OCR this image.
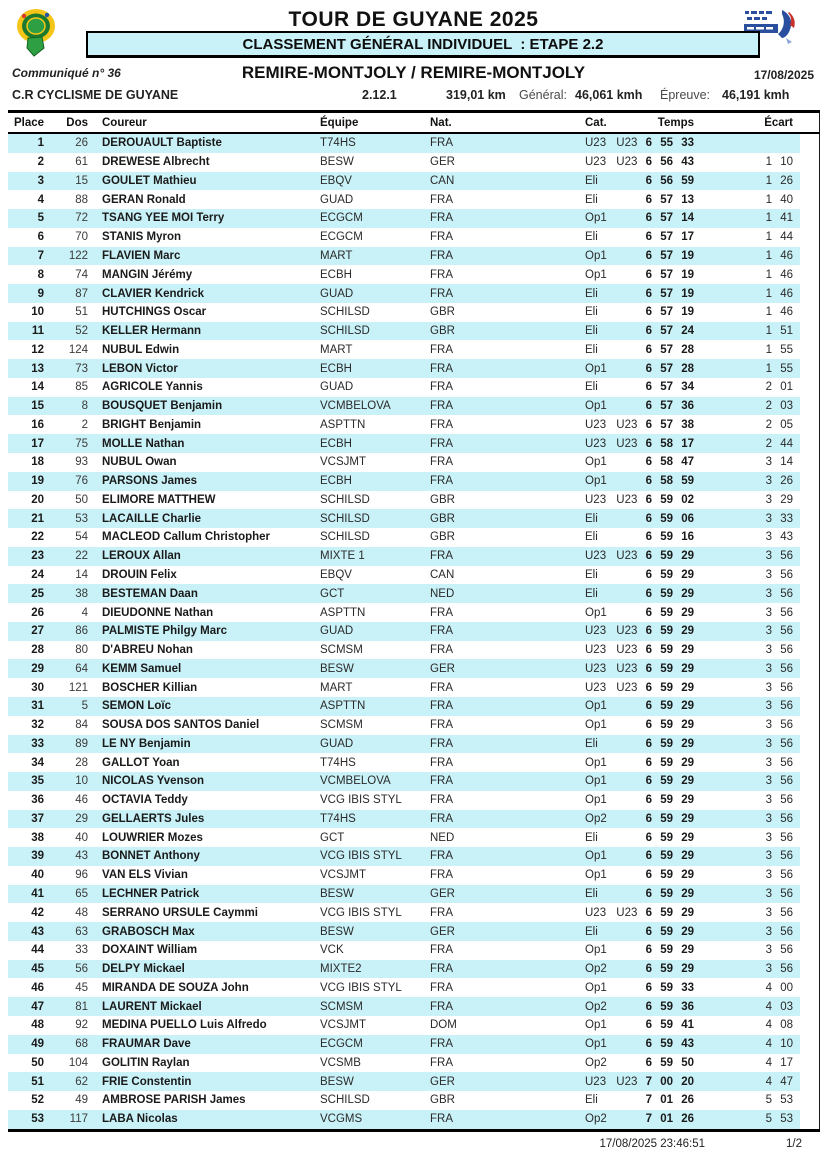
TOUR DE GUYANE 2025
CLASSEMENT GÉNÉRAL INDIVIDUEL  : ETAPE 2.2
Communiqué n° 36	REMIRE-MONTJOLY / REMIRE-MONTJOLY	17/08/2025
C.R CYCLISME DE GUYANE	2.12.1	319,01 km Général: 46,061 kmh Épreuve: 46,191 kmh
Place	Dos	Coureur	Équipe	Nat.	Cat.	Temps	Écart	
1	26	DEROUAULT Baptiste	T74HS	FRA	U23 U23	6 55 33		
2	61	DREWESE Albrecht	BESW	GER	U23 U23	6 56 43	1 10	
3	15	GOULET Mathieu	EBQV	CAN	Eli	6 56 59	1 26	
4	88	GERAN Ronald	GUAD	FRA	Eli	6 57 13	1 40	
5	72	TSANG YEE MOI Terry	ECGCM	FRA	Op1	6 57 14	1 41	
6	70	STANIS Myron	ECGCM	FRA	Eli	6 57 17	1 44	
7	122	FLAVIEN Marc	MART	FRA	Op1	6 57 19	1 46	
8	74	MANGIN Jérémy	ECBH	FRA	Op1	6 57 19	1 46	
9	87	CLAVIER Kendrick	GUAD	FRA	Eli	6 57 19	1 46	
10	51	HUTCHINGS Oscar	SCHILSD	GBR	Eli	6 57 19	1 46	
11	52	KELLER Hermann	SCHILSD	GBR	Eli	6 57 24	1 51	
12	124	NUBUL Edwin	MART	FRA	Eli	6 57 28	1 55	
13	73	LEBON Victor	ECBH	FRA	Op1	6 57 28	1 55	
14	85	AGRICOLE Yannis	GUAD	FRA	Eli	6 57 34	2 01	
15	8	BOUSQUET Benjamin	VCMBELOVA	FRA	Op1	6 57 36	2 03	
16	2	BRIGHT Benjamin	ASPTTN	FRA	U23 U23	6 57 38	2 05	
17	75	MOLLE Nathan	ECBH	FRA	U23 U23	6 58 17	2 44	
18	93	NUBUL Owan	VCSJMT	FRA	Op1	6 58 47	3 14	
19	76	PARSONS James	ECBH	FRA	Op1	6 58 59	3 26	
20	50	ELIMORE MATTHEW	SCHILSD	GBR	U23 U23	6 59 02	3 29	
21	53	LACAILLE Charlie	SCHILSD	GBR	Eli	6 59 06	3 33	
22	54	MACLEOD Callum Christopher	SCHILSD	GBR	Eli	6 59 16	3 43	
23	22	LEROUX Allan	MIXTE 1	FRA	U23 U23	6 59 29	3 56	
24	14	DROUIN Felix	EBQV	CAN	Eli	6 59 29	3 56	
25	38	BESTEMAN Daan	GCT	NED	Eli	6 59 29	3 56	
26	4	DIEUDONNE Nathan	ASPTTN	FRA	Op1	6 59 29	3 56	
27	86	PALMISTE Philgy Marc	GUAD	FRA	U23 U23	6 59 29	3 56	
28	80	D'ABREU Nohan	SCMSM	FRA	U23 U23	6 59 29	3 56	
29	64	KEMM Samuel	BESW	GER	U23 U23	6 59 29	3 56	
30	121	BOSCHER Killian	MART	FRA	U23 U23	6 59 29	3 56	
31	5	SEMON Loïc	ASPTTN	FRA	Op1	6 59 29	3 56	
32	84	SOUSA DOS SANTOS Daniel	SCMSM	FRA	Op1	6 59 29	3 56	
33	89	LE NY Benjamin	GUAD	FRA	Eli	6 59 29	3 56	
34	28	GALLOT Yoan	T74HS	FRA	Op1	6 59 29	3 56	
35	10	NICOLAS Yvenson	VCMBELOVA	FRA	Op1	6 59 29	3 56	
36	46	OCTAVIA Teddy	VCG IBIS STYL	FRA	Op1	6 59 29	3 56	
37	29	GELLAERTS Jules	T74HS	FRA	Op2	6 59 29	3 56	
38	40	LOUWRIER Mozes	GCT	NED	Eli	6 59 29	3 56	
39	43	BONNET Anthony	VCG IBIS STYL	FRA	Op1	6 59 29	3 56	
40	96	VAN ELS Vivian	VCSJMT	FRA	Op1	6 59 29	3 56	
41	65	LECHNER Patrick	BESW	GER	Eli	6 59 29	3 56	
42	48	SERRANO URSULE Caymmi	VCG IBIS STYL	FRA	U23 U23	6 59 29	3 56	
43	63	GRABOSCH Max	BESW	GER	Eli	6 59 29	3 56	
44	33	DOXAINT William	VCK	FRA	Op1	6 59 29	3 56	
45	56	DELPY Mickael	MIXTE2	FRA	Op2	6 59 29	3 56	
46	45	MIRANDA DE SOUZA John	VCG IBIS STYL	FRA	Op1	6 59 33	4 00	
47	81	LAURENT Mickael	SCMSM	FRA	Op2	6 59 36	4 03	
48	92	MEDINA PUELLO Luis Alfredo	VCSJMT	DOM	Op1	6 59 41	4 08	
49	68	FRAUMAR Dave	ECGCM	FRA	Op1	6 59 43	4 10	
50	104	GOLITIN Raylan	VCSMB	FRA	Op2	6 59 50	4 17	
51	62	FRIE Constentin	BESW	GER	U23 U23	7 00 20	4 47	
52	49	AMBROSE PARISH James	SCHILSD	GBR	Eli	7 01 26	5 53	
53	117	LABA Nicolas	VCGMS	FRA	Op2	7 01 26	5 53	
17/08/2025 23:46:51	1/2
